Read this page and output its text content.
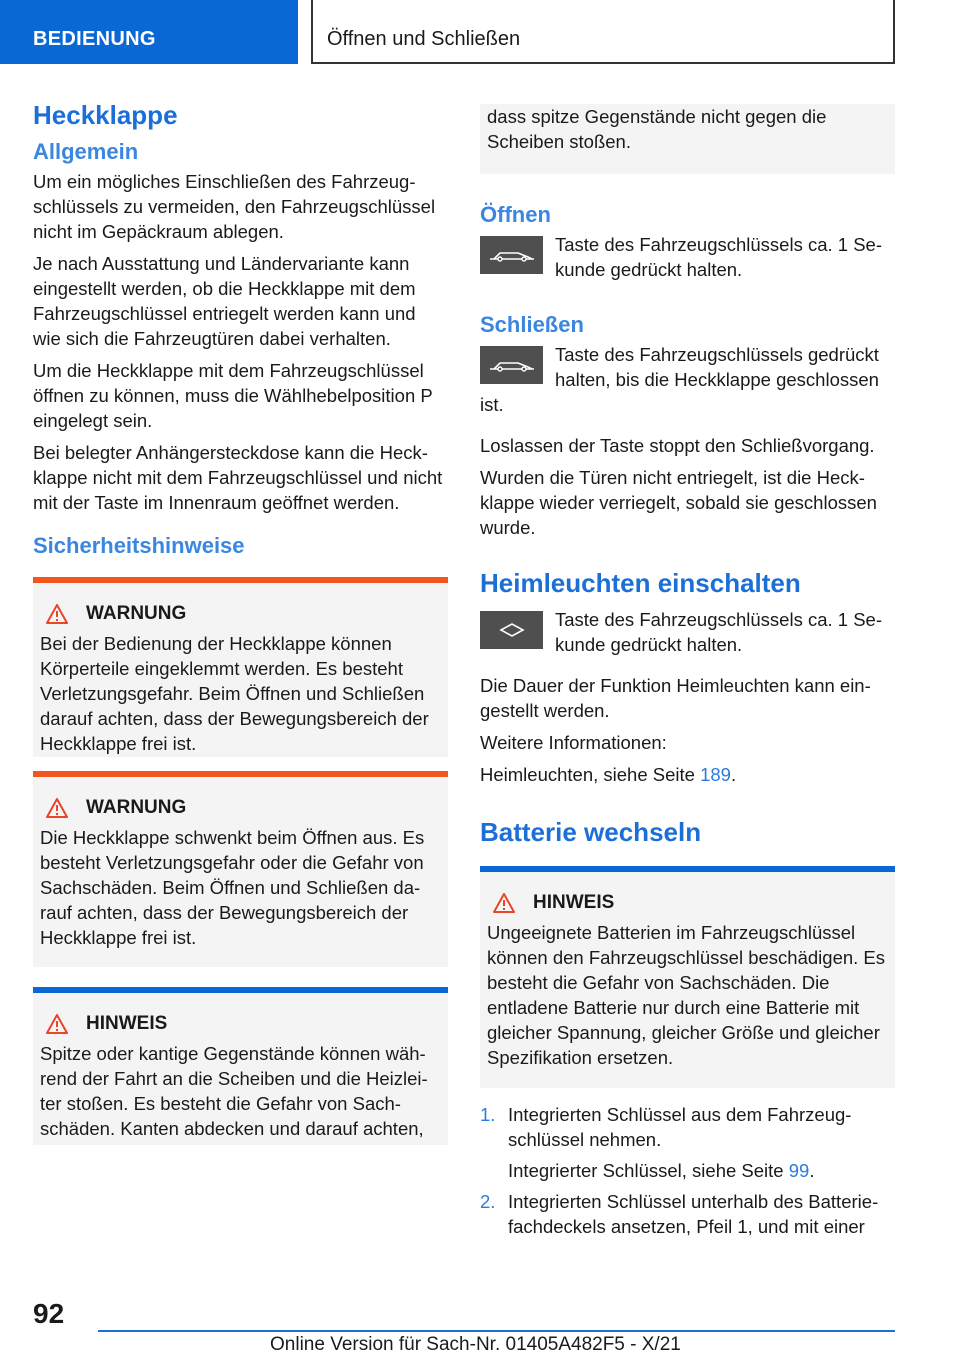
BEDIENUNG	Öffnen und Schließen
Heckklappe
Allgemein

Um ein mögliches Einschließen des Fahrzeugschlüssels zu vermeiden, den Fahrzeugschlüssel nicht im Gepäckraum ablegen.

Je nach Ausstattung und Ländervariante kann eingestellt werden, ob die Heckklappe mit dem Fahrzeugschlüssel entriegelt werden kann und wie sich die Fahrzeugtüren dabei verhalten.

Um die Heckklappe mit dem Fahrzeugschlüssel öffnen zu können, muss die Wählhebelposition P eingelegt sein.

Bei belegter Anhängersteckdose kann die Heckklappe nicht mit dem Fahrzeugschlüssel und nicht mit der Taste im Innenraum geöffnet werden.

Sicherheitshinweise
WARNUNG

Bei der Bedienung der Heckklappe können Körperteile eingeklemmt werden. Es besteht Verletzungsgefahr. Beim Öffnen und Schließen darauf achten, dass der Bewegungsbereich der Heckklappe frei ist.

WARNUNG

Die Heckklappe schwenkt beim Öffnen aus. Es besteht Verletzungsgefahr oder die Gefahr von Sachschäden. Beim Öffnen und Schließen darauf achten, dass der Bewegungsbereich der Heckklappe frei ist.

HINWEIS

Spitze oder kantige Gegenstände können während der Fahrt an die Scheiben und die Heizleiter stoßen. Es besteht die Gefahr von Sachschäden. Kanten abdecken und darauf achten,

dass spitze Gegenstände nicht gegen die Scheiben stoßen.

Öffnen

Taste des Fahrzeugschlüssels ca. 1 Sekunde gedrückt halten.

Schließen

Taste des Fahrzeugschlüssels gedrückt halten, bis die Heckklappe geschlossen

ist.

Loslassen der Taste stoppt den Schließvorgang.

Wurden die Türen nicht entriegelt, ist die Heckklappe wieder verriegelt, sobald sie geschlossen wurde.

Heimleuchten einschalten

Taste des Fahrzeugschlüssels ca. 1 Sekunde gedrückt halten.

Die Dauer der Funktion Heimleuchten kann eingestellt werden.

Weitere Informationen:

Heimleuchten, siehe Seite 189.

Batterie wechseln
HINWEIS

Ungeeignete Batterien im Fahrzeugschlüssel können den Fahrzeugschlüssel beschädigen. Es besteht die Gefahr von Sachschäden. Die entladene Batterie nur durch eine Batterie mit gleicher Spannung, gleicher Größe und gleicher Spezifikation ersetzen.

1. Integrierten Schlüssel aus dem Fahrzeugschlüssel nehmen.
Integrierter Schlüssel, siehe Seite 99.
2. Integrierten Schlüssel unterhalb des Batteriefachdeckels ansetzen, Pfeil 1, und mit einer
92
Online Version für Sach-Nr. 01405A482F5 - X/21
